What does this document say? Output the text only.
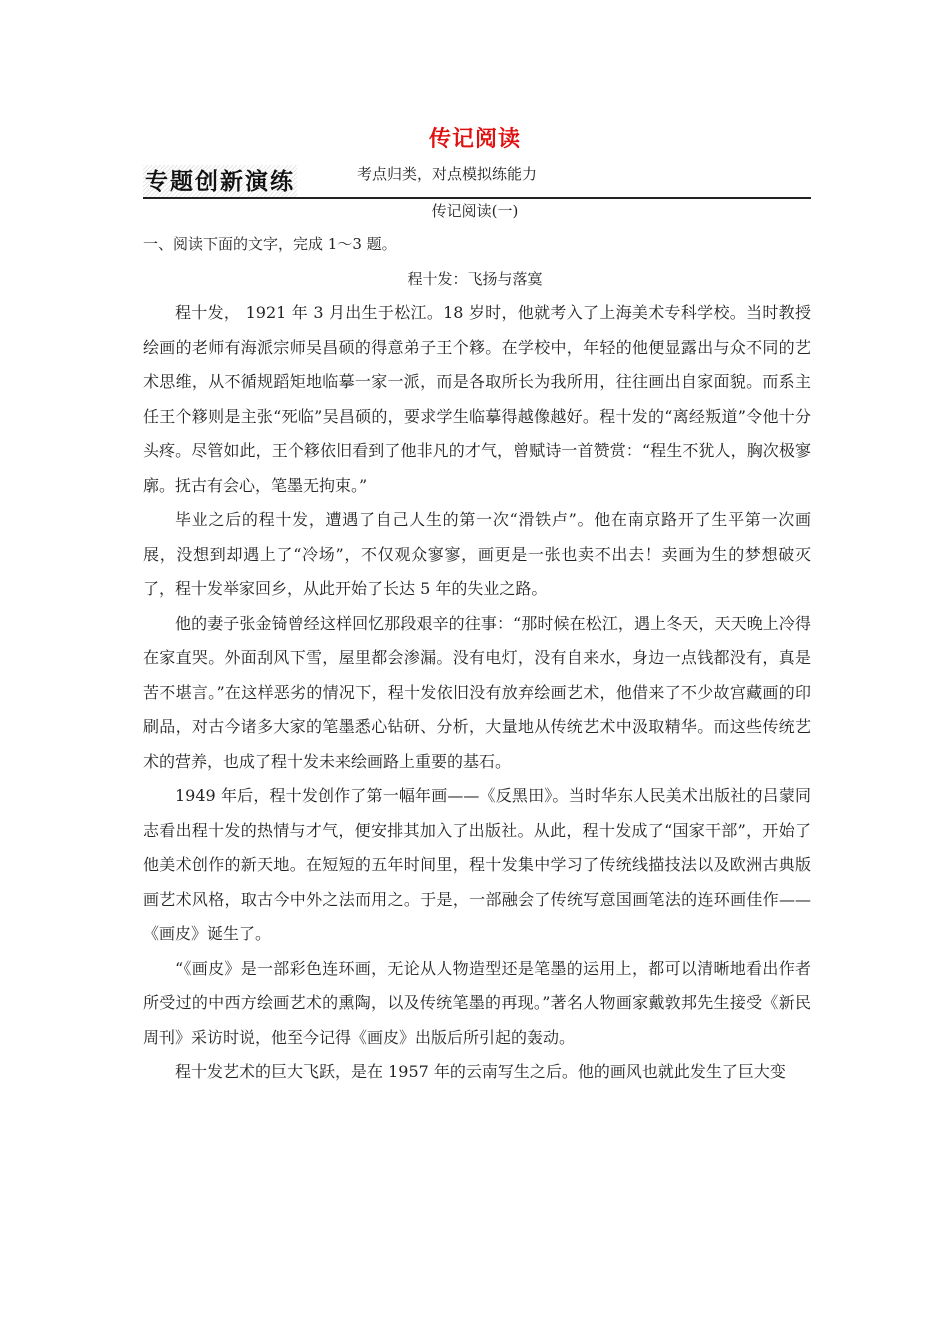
传记阅读
专题创新演练	考点归类，对点模拟练能力
传记阅读(一)
一、阅读下面的文字，完成 1～3 题。
程十发：飞扬与落寞

程十发， 1921 年 3 月出生于松江。18 岁时，他就考入了上海美术专科学校。当时教授绘画的老师有海派宗师吴昌硕的得意弟子王个簃。在学校中，年轻的他便显露出与众不同的艺术思维，从不循规蹈矩地临摹一家一派，而是各取所长为我所用，往往画出自家面貌。而系主任王个簃则是主张“死临”吴昌硕的，要求学生临摹得越像越好。程十发的“离经叛道”令他十分头疼。尽管如此，王个簃依旧看到了他非凡的才气，曾赋诗一首赞赏：“程生不犹人，胸次极寥廓。抚古有会心，笔墨无拘束。”

毕业之后的程十发，遭遇了自己人生的第一次“滑铁卢”。他在南京路开了生平第一次画展，没想到却遇上了“冷场”，不仅观众寥寥，画更是一张也卖不出去！卖画为生的梦想破灭了，程十发举家回乡，从此开始了长达 5 年的失业之路。

他的妻子张金锜曾经这样回忆那段艰辛的往事：“那时候在松江，遇上冬天，天天晚上冷得在家直哭。外面刮风下雪，屋里都会渗漏。没有电灯，没有自来水，身边一点钱都没有，真是苦不堪言。”在这样恶劣的情况下，程十发依旧没有放弃绘画艺术，他借来了不少故宫藏画的印刷品，对古今诸多大家的笔墨悉心钻研、分析，大量地从传统艺术中汲取精华。而这些传统艺术的营养，也成了程十发未来绘画路上重要的基石。

1949 年后，程十发创作了第一幅年画——《反黑田》。当时华东人民美术出版社的吕蒙同志看出程十发的热情与才气，便安排其加入了出版社。从此，程十发成了“国家干部”，开始了他美术创作的新天地。在短短的五年时间里，程十发集中学习了传统线描技法以及欧洲古典版画艺术风格，取古今中外之法而用之。于是，一部融会了传统写意国画笔法的连环画佳作——《画皮》诞生了。

“《画皮》是一部彩色连环画，无论从人物造型还是笔墨的运用上，都可以清晰地看出作者所受过的中西方绘画艺术的熏陶，以及传统笔墨的再现。”著名人物画家戴敦邦先生接受《新民周刊》采访时说，他至今记得《画皮》出版后所引起的轰动。

程十发艺术的巨大飞跃，是在 1957 年的云南写生之后。他的画风也就此发生了巨大变
